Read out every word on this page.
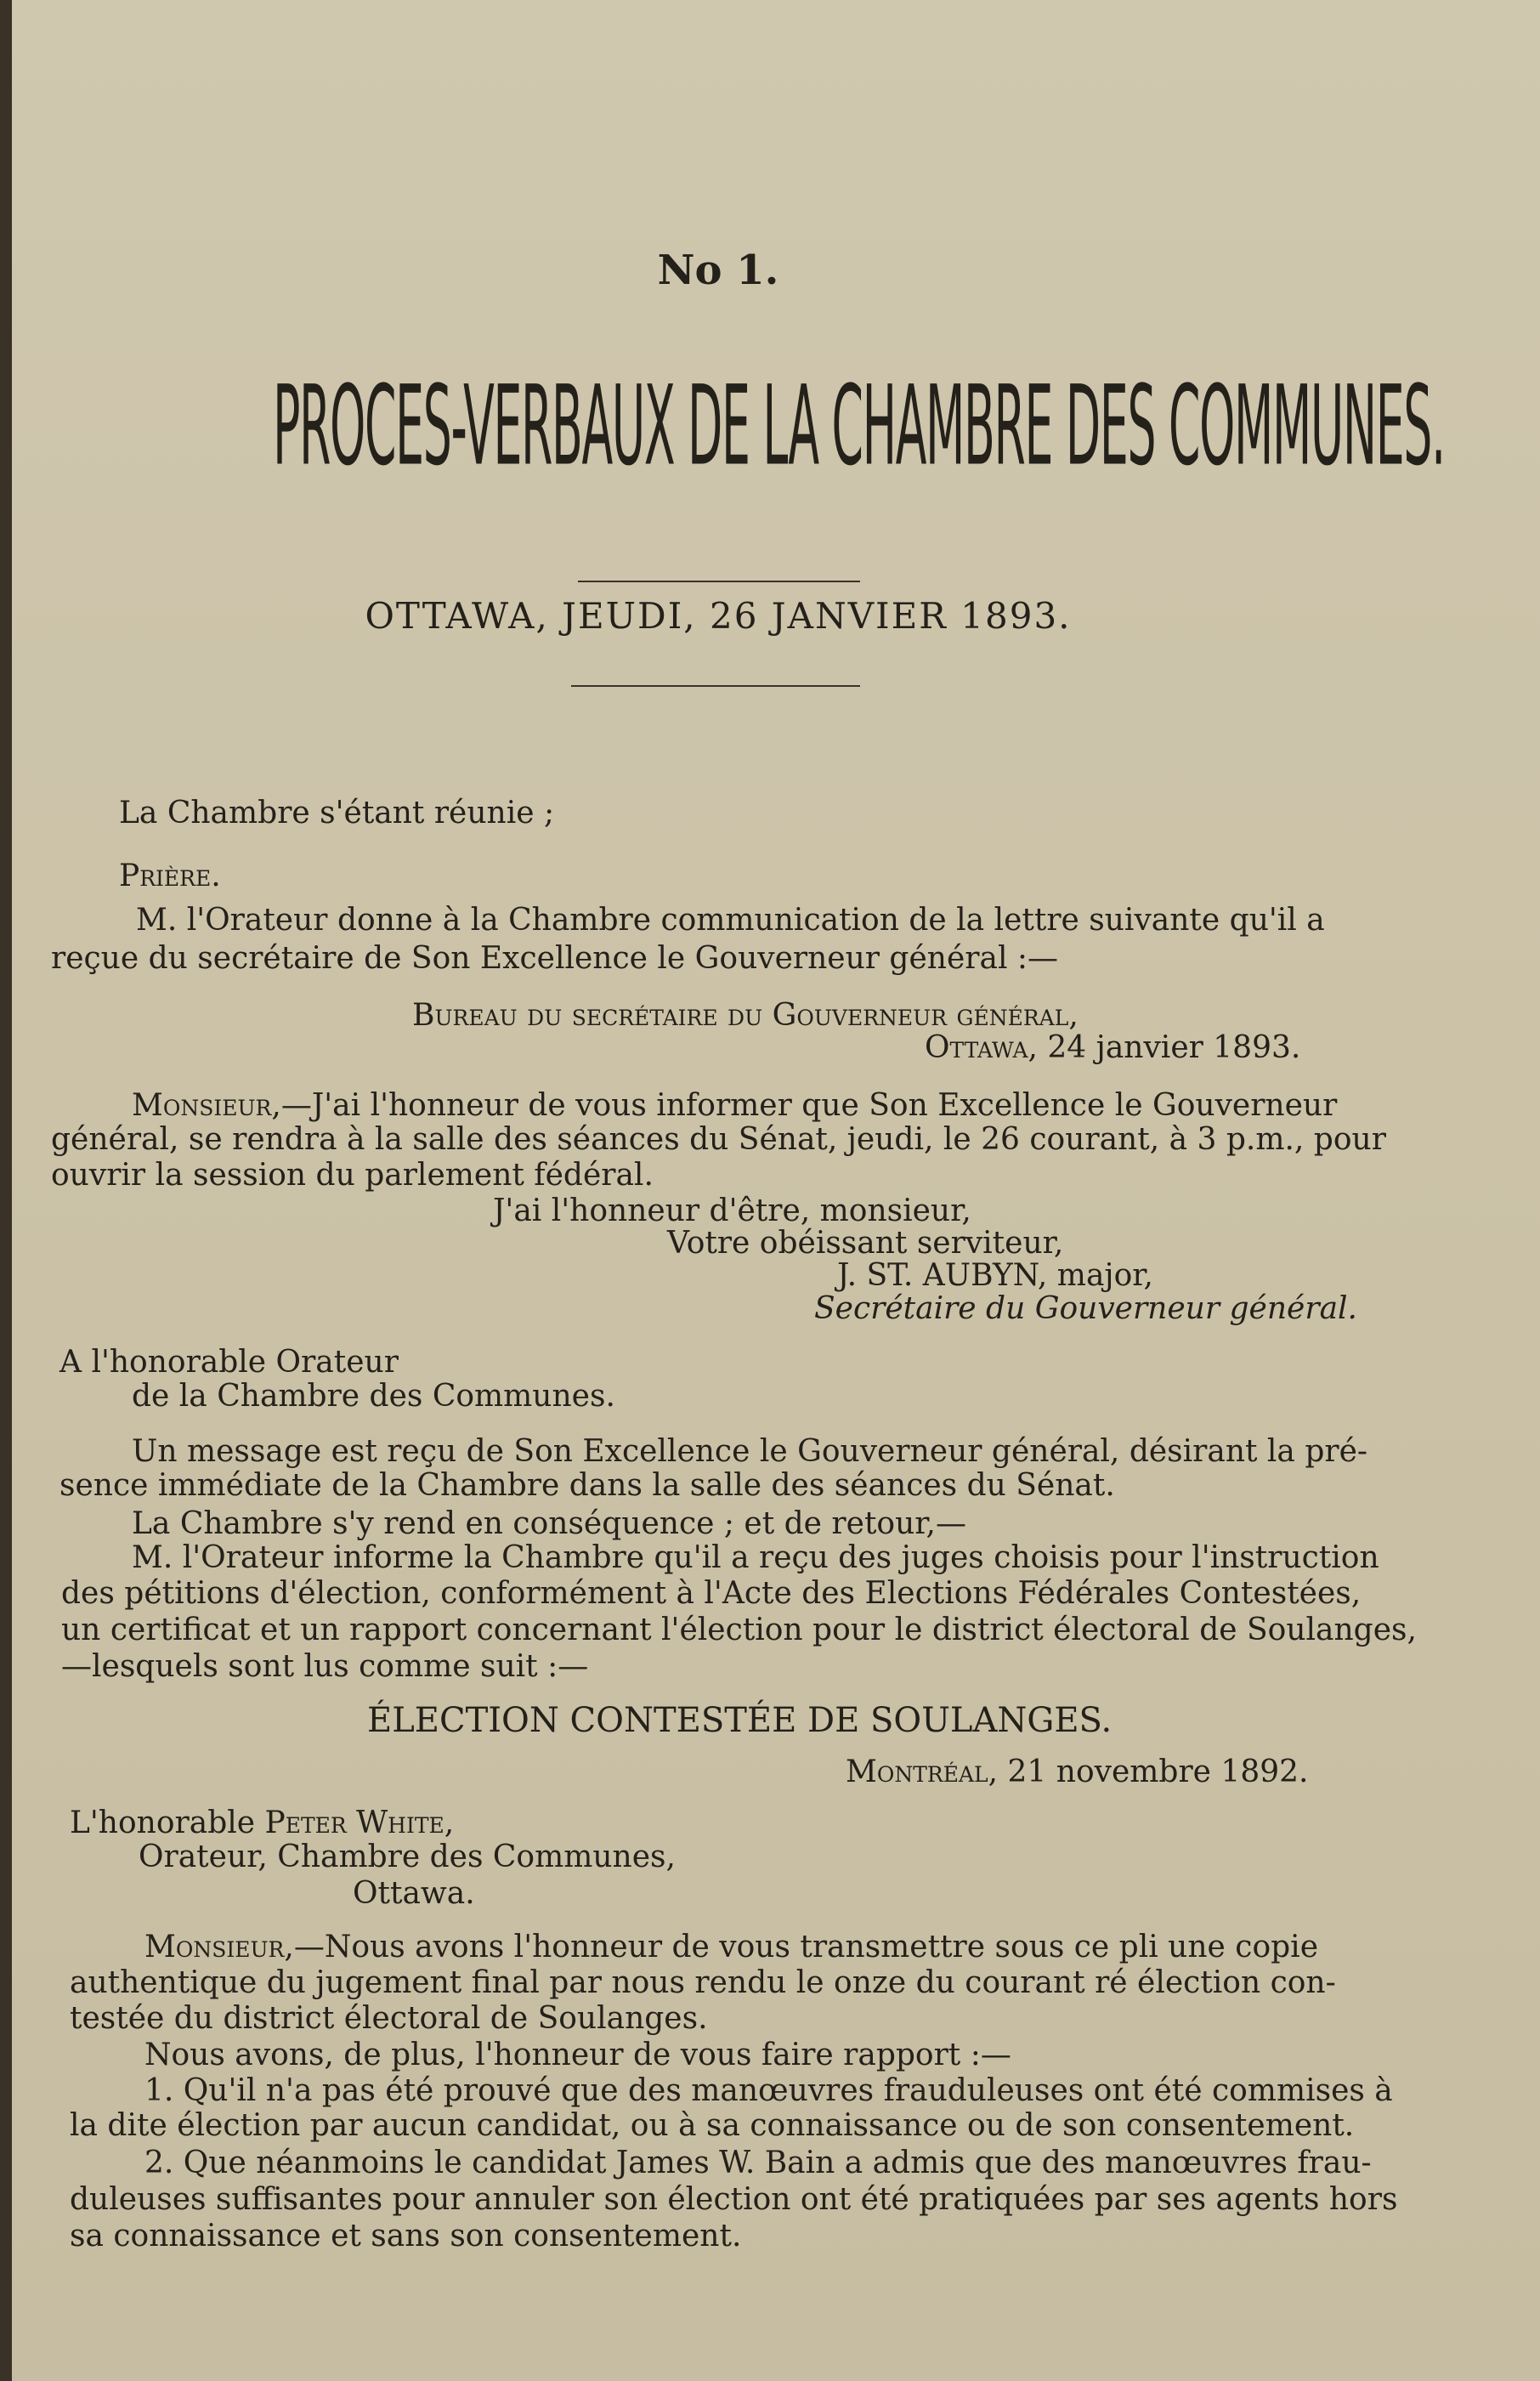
No 1.
PROCES-VERBAUX DE LA CHAMBRE DES COMMUNES.
OTTAWA, JEUDI, 26 JANVIER 1893.
La Chambre s'étant réunie ;
Prière.
M. l'Orateur donne à la Chambre communication de la lettre suivante qu'il a
reçue du secrétaire de Son Excellence le Gouverneur général :—
Bureau du secrétaire du Gouverneur général,
Ottawa, 24 janvier 1893.
Monsieur,—J'ai l'honneur de vous informer que Son Excellence le Gouverneur
général, se rendra à la salle des séances du Sénat, jeudi, le 26 courant, à 3 p.m., pour
ouvrir la session du parlement fédéral.
J'ai l'honneur d'être, monsieur,
Votre obéissant serviteur,
J. ST. AUBYN, major,
Secrétaire du Gouverneur général.
A l'honorable Orateur
de la Chambre des Communes.
Un message est reçu de Son Excellence le Gouverneur général, désirant la pré-
sence immédiate de la Chambre dans la salle des séances du Sénat.
La Chambre s'y rend en conséquence ; et de retour,—
M. l'Orateur informe la Chambre qu'il a reçu des juges choisis pour l'instruction
des pétitions d'élection, conformément à l'Acte des Elections Fédérales Contestées,
un certificat et un rapport concernant l'élection pour le district électoral de Soulanges,
—lesquels sont lus comme suit :—
ÉLECTION CONTESTÉE DE SOULANGES.
Montréal, 21 novembre 1892.
L'honorable Peter White,
Orateur, Chambre des Communes,
Ottawa.
Monsieur,—Nous avons l'honneur de vous transmettre sous ce pli une copie
authentique du jugement final par nous rendu le onze du courant ré élection con-
testée du district électoral de Soulanges.
Nous avons, de plus, l'honneur de vous faire rapport :—
1. Qu'il n'a pas été prouvé que des manœuvres frauduleuses ont été commises à
la dite élection par aucun candidat, ou à sa connaissance ou de son consentement.
2. Que néanmoins le candidat James W. Bain a admis que des manœuvres frau-
duleuses suffisantes pour annuler son élection ont été pratiquées par ses agents hors
sa connaissance et sans son consentement.
